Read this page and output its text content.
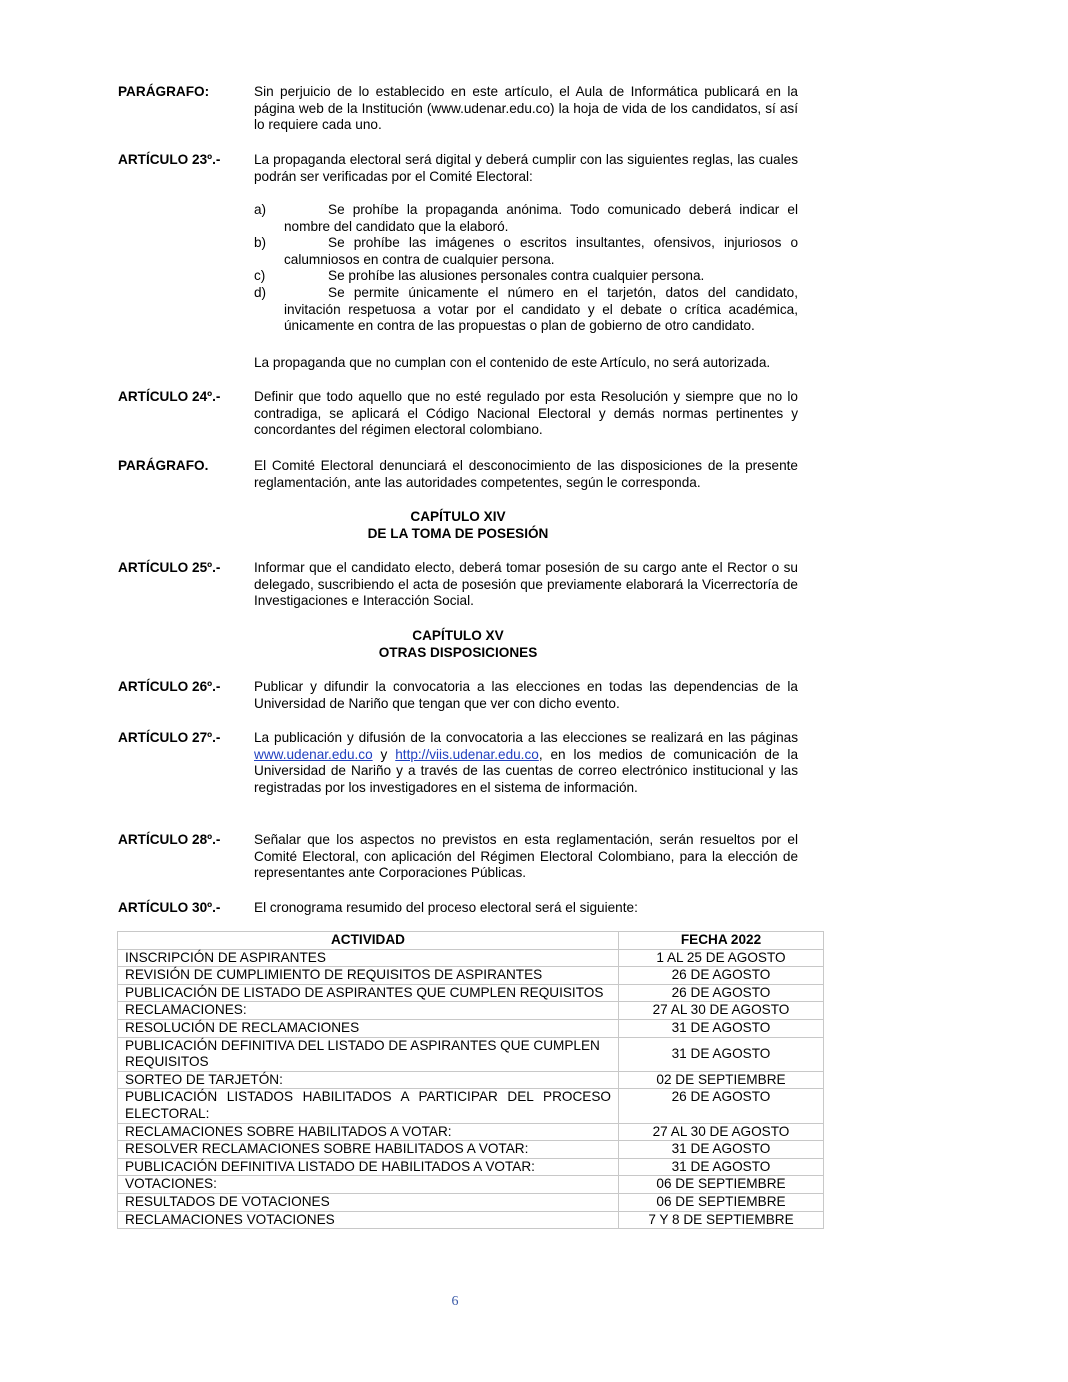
PARÁGRAFO:	Sin perjuicio de lo establecido en este artículo, el Aula de Informática publicará en la página web de la Institución (www.udenar.edu.co) la hoja de vida de los candidatos, sí así lo requiere cada uno.

ARTÍCULO 23º.- La propaganda electoral será digital y deberá cumplir con las siguientes reglas, las cuales podrán ser verificadas por el Comité Electoral:

a)	Se prohíbe la propaganda anónima. Todo comunicado deberá indicar el nombre del candidato que la elaboró.
b)	Se prohíbe las imágenes o escritos insultantes, ofensivos, injuriosos o calumniosos en contra de cualquier persona.
c)	Se prohíbe las alusiones personales contra cualquier persona.
d)	Se permite únicamente el número en el tarjetón, datos del candidato, invitación respetuosa a votar por el candidato y el debate o crítica académica, únicamente en contra de las propuestas o plan de gobierno de otro candidato.

La propaganda que no cumplan con el contenido de este Artículo, no será autorizada.

ARTÍCULO 24º.- Definir que todo aquello que no esté regulado por esta Resolución y siempre que no lo contradiga, se aplicará el Código Nacional Electoral y demás normas pertinentes y concordantes del régimen electoral colombiano.

PARÁGRAFO.	El Comité Electoral denunciará el desconocimiento de las disposiciones de la presente reglamentación, ante las autoridades competentes, según le corresponda.

CAPÍTULO XIV
DE LA TOMA DE POSESIÓN
ARTÍCULO 25º.- Informar que el candidato electo, deberá tomar posesión de su cargo ante el Rector o su delegado, suscribiendo el acta de posesión que previamente elaborará la Vicerrectoría de Investigaciones e Interacción Social.

CAPÍTULO XV
OTRAS DISPOSICIONES
ARTÍCULO 26º.- Publicar y difundir la convocatoria a las elecciones en todas las dependencias de la Universidad de Nariño que tengan que ver con dicho evento.

ARTÍCULO 27º.- La publicación y difusión de la convocatoria a las elecciones se realizará en las páginas www.udenar.edu.co y http://viis.udenar.edu.co, en los medios de comunicación de la Universidad de Nariño y a través de las cuentas de correo electrónico institucional y las registradas por los investigadores en el sistema de información.

ARTÍCULO 28º.- Señalar que los aspectos no previstos en esta reglamentación, serán resueltos por el Comité Electoral, con aplicación del Régimen Electoral Colombiano, para la elección de representantes ante Corporaciones Públicas.

ARTÍCULO 30º.- El cronograma resumido del proceso electoral será el siguiente:

ACTIVIDAD	FECHA 2022
INSCRIPCIÓN DE ASPIRANTES	1 AL 25 DE AGOSTO
REVISIÓN DE CUMPLIMIENTO DE REQUISITOS DE ASPIRANTES	26 DE AGOSTO
PUBLICACIÓN DE LISTADO DE ASPIRANTES QUE CUMPLEN REQUISITOS	26 DE AGOSTO
RECLAMACIONES:	27 AL 30 DE AGOSTO
RESOLUCIÓN DE RECLAMACIONES	31 DE AGOSTO
PUBLICACIÓN DEFINITIVA DEL LISTADO DE ASPIRANTES QUE CUMPLEN REQUISITOS	31 DE AGOSTO
SORTEO DE TARJETÓN:	02 DE SEPTIEMBRE
PUBLICACIÓN LISTADOS HABILITADOS A PARTICIPAR DEL PROCESO ELECTORAL:	26 DE AGOSTO
RECLAMACIONES SOBRE HABILITADOS A VOTAR:	27 AL 30 DE AGOSTO
RESOLVER RECLAMACIONES SOBRE HABILITADOS A VOTAR:	31 DE AGOSTO
PUBLICACIÓN DEFINITIVA LISTADO DE HABILITADOS A VOTAR:	31 DE AGOSTO
VOTACIONES:	06 DE SEPTIEMBRE
RESULTADOS DE VOTACIONES	06 DE SEPTIEMBRE
RECLAMACIONES VOTACIONES	7 Y 8 DE SEPTIEMBRE
6
